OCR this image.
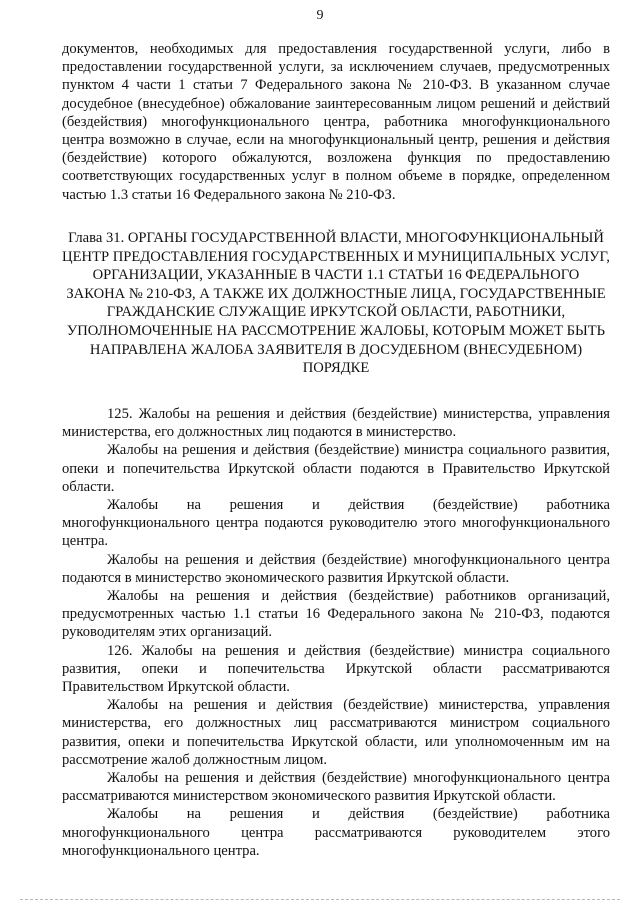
9

документов, необходимых для предоставления государственной услуги, либо в предоставлении государственной услуги, за исключением случаев, предусмотренных пунктом 4 части 1 статьи 7 Федерального закона № 210-ФЗ. В указанном случае досудебное (внесудебное) обжалование заинтересованным лицом решений и действий (бездействия) многофункционального центра, работника многофункционального центра возможно в случае, если на многофункциональный центр, решения и действия (бездействие) которого обжалуются, возложена функция по предоставлению соответствующих государственных услуг в полном объеме в порядке, определенном частью 1.3 статьи 16 Федерального закона № 210-ФЗ.

Глава 31. ОРГАНЫ ГОСУДАРСТВЕННОЙ ВЛАСТИ, МНОГОФУНКЦИОНАЛЬНЫЙ ЦЕНТР ПРЕДОСТАВЛЕНИЯ ГОСУДАРСТВЕННЫХ И МУНИЦИПАЛЬНЫХ УСЛУГ, ОРГАНИЗАЦИИ, УКАЗАННЫЕ В ЧАСТИ 1.1 СТАТЬИ 16 ФЕДЕРАЛЬНОГО ЗАКОНА № 210-ФЗ, А ТАКЖЕ ИХ ДОЛЖНОСТНЫЕ ЛИЦА, ГОСУДАРСТВЕННЫЕ ГРАЖДАНСКИЕ СЛУЖАЩИЕ ИРКУТСКОЙ ОБЛАСТИ, РАБОТНИКИ, УПОЛНОМОЧЕННЫЕ НА РАССМОТРЕНИЕ ЖАЛОБЫ, КОТОРЫМ МОЖЕТ БЫТЬ НАПРАВЛЕНА ЖАЛОБА ЗАЯВИТЕЛЯ В ДОСУДЕБНОМ (ВНЕСУДЕБНОМ) ПОРЯДКЕ

125. Жалобы на решения и действия (бездействие) министерства, управления министерства, его должностных лиц подаются в министерство.

Жалобы на решения и действия (бездействие) министра социального развития, опеки и попечительства Иркутской области подаются в Правительство Иркутской области.

Жалобы на решения и действия (бездействие) работника многофункционального центра подаются руководителю этого многофункционального центра.

Жалобы на решения и действия (бездействие) многофункционального центра подаются в министерство экономического развития Иркутской области.

Жалобы на решения и действия (бездействие) работников организаций, предусмотренных частью 1.1 статьи 16 Федерального закона № 210-ФЗ, подаются руководителям этих организаций.

126. Жалобы на решения и действия (бездействие) министра социального развития, опеки и попечительства Иркутской области рассматриваются Правительством Иркутской области.

Жалобы на решения и действия (бездействие) министерства, управления министерства, его должностных лиц рассматриваются министром социального развития, опеки и попечительства Иркутской области, или уполномоченным им на рассмотрение жалоб должностным лицом.

Жалобы на решения и действия (бездействие) многофункционального центра рассматриваются министерством экономического развития Иркутской области.

Жалобы на решения и действия (бездействие) работника многофункционального центра рассматриваются руководителем этого многофункционального центра.
